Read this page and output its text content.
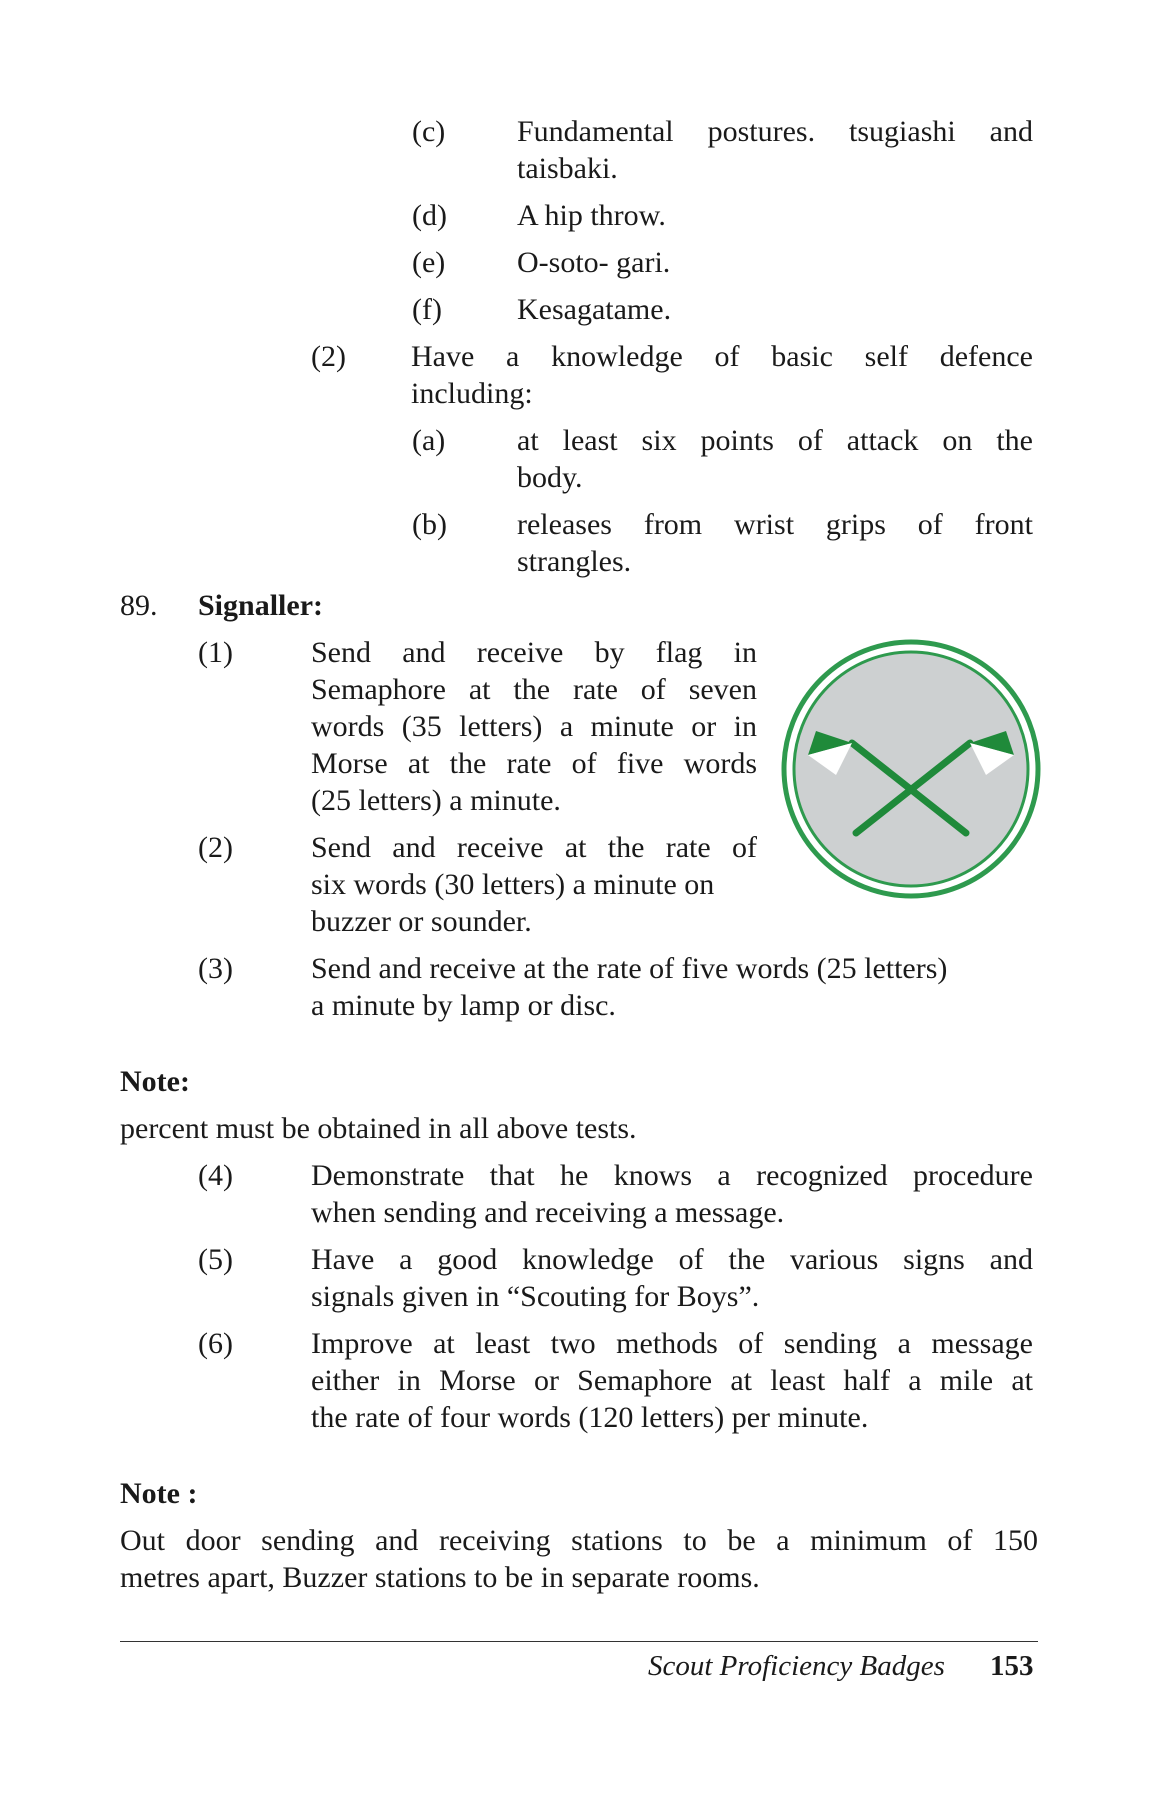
(c) Fundamental postures. tsugiashi and
taisbaki.
(d) A hip throw.
(e) O-soto- gari.
(f)	Kesagatame.
(2) Have a knowledge of basic self defence
including:
(a) at least six points of attack on the
body.
(b) releases from wrist grips of front
strangles.
89. Signaller:
(1)	Send and receive by flag in
Semaphore at the rate of seven
words (35 letters) a minute or in
Morse at the rate of five words
(25 letters) a minute.
(2)	Send and receive at the rate of
six words (30 letters) a minute on
buzzer or sounder.
(3)	Send and receive at the rate of five words (25 letters)
a minute by lamp or disc.
Note:
percent must be obtained in all above tests.
(4)	Demonstrate that he knows a recognized procedure
when sending and receiving a message.
(5)	Have a good knowledge of the various signs and
signals given in “Scouting for Boys”.
(6)	Improve at least two methods of sending a message
either in Morse or Semaphore at least half a mile at
the rate of four words (120 letters) per minute.
Note :
Out door sending and receiving stations to be a minimum of 150
metres apart, Buzzer stations to be in separate rooms.
Scout Proficiency Badges 153
